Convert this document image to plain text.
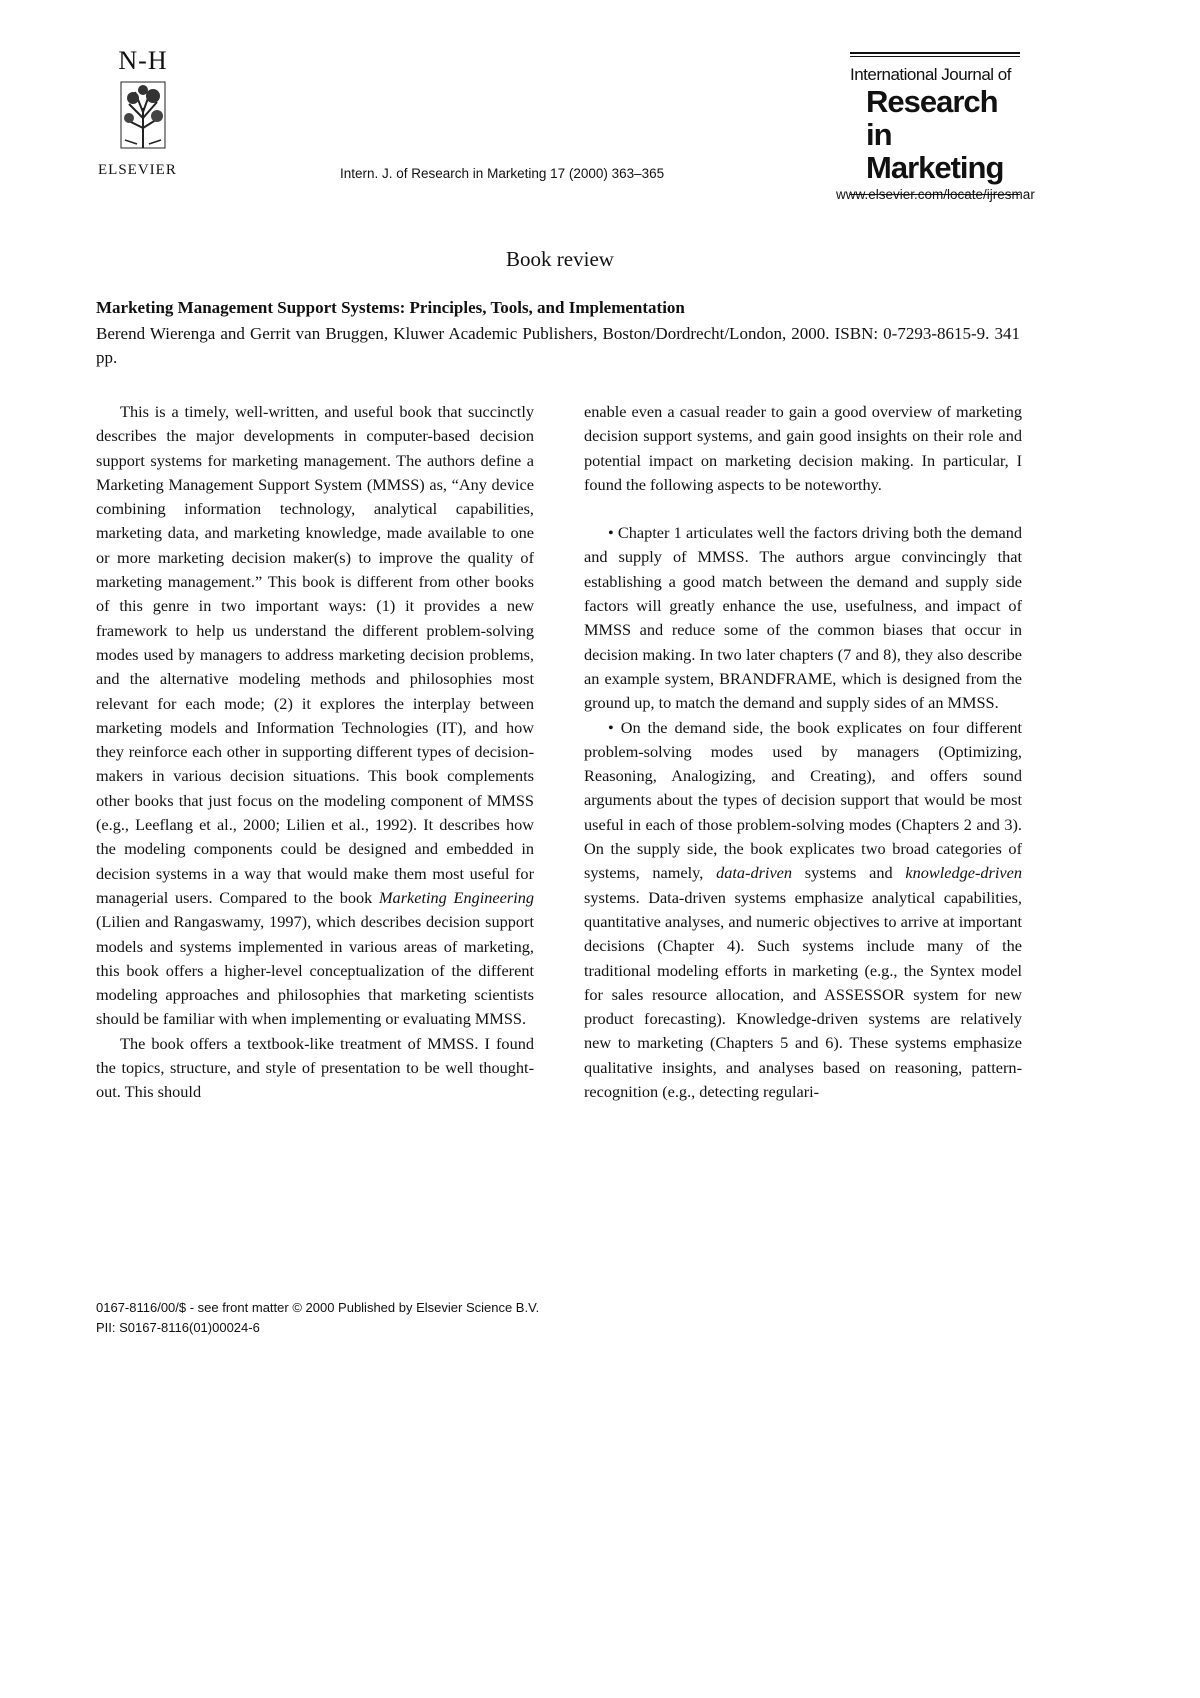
N-H
ELSEVIER	Intern. J. of Research in Marketing 17 (2000) 363–365
International Journal of
Research in
Marketing
www.elsevier.com/locate/ijresmar
Book review
Marketing Management Support Systems: Principles, Tools, and Implementation
Berend Wierenga and Gerrit van Bruggen, Kluwer Academic Publishers, Boston/Dordrecht/London, 2000. ISBN: 0-7293-8615-9. 341 pp.

This is a timely, well-written, and useful book that succinctly describes the major developments in computer-based decision support systems for marketing management. The authors define a Marketing Management Support System (MMSS) as, “Any device combining information technology, analytical capabilities, marketing data, and marketing knowledge, made available to one or more marketing decision maker(s) to improve the quality of marketing management.” This book is different from other books of this genre in two important ways: (1) it provides a new framework to help us understand the different problem-solving modes used by managers to address marketing decision problems, and the alternative modeling methods and philosophies most relevant for each mode; (2) it explores the interplay between marketing models and Information Technologies (IT), and how they reinforce each other in supporting different types of decision-makers in various decision situations. This book complements other books that just focus on the modeling component of MMSS (e.g., Leeflang et al., 2000; Lilien et al., 1992). It describes how the modeling components could be designed and embedded in decision systems in a way that would make them most useful for managerial users. Compared to the book Marketing Engineering (Lilien and Rangaswamy, 1997), which describes decision support models and systems implemented in various areas of marketing, this book offers a higher-level conceptualization of the different modeling approaches and philosophies that marketing scientists should be familiar with when implementing or evaluating MMSS.

The book offers a textbook-like treatment of MMSS. I found the topics, structure, and style of presentation to be well thought-out. This should

enable even a casual reader to gain a good overview of marketing decision support systems, and gain good insights on their role and potential impact on marketing decision making. In particular, I found the following aspects to be noteworthy.

• Chapter 1 articulates well the factors driving both the demand and supply of MMSS. The authors argue convincingly that establishing a good match between the demand and supply side factors will greatly enhance the use, usefulness, and impact of MMSS and reduce some of the common biases that occur in decision making. In two later chapters (7 and 8), they also describe an example system, BRANDFRAME, which is designed from the ground up, to match the demand and supply sides of an MMSS.

• On the demand side, the book explicates on four different problem-solving modes used by managers (Optimizing, Reasoning, Analogizing, and Creating), and offers sound arguments about the types of decision support that would be most useful in each of those problem-solving modes (Chapters 2 and 3). On the supply side, the book explicates two broad categories of systems, namely, data-driven systems and knowledge-driven systems. Data-driven systems emphasize analytical capabilities, quantitative analyses, and numeric objectives to arrive at important decisions (Chapter 4). Such systems include many of the traditional modeling efforts in marketing (e.g., the Syntex model for sales resource allocation, and ASSESSOR system for new product forecasting). Knowledge-driven systems are relatively new to marketing (Chapters 5 and 6). These systems emphasize qualitative insights, and analyses based on reasoning, pattern-recognition (e.g., detecting regulari-

0167-8116/00/$ - see front matter © 2000 Published by Elsevier Science B.V.
PII: S0167-8116(01)00024-6
